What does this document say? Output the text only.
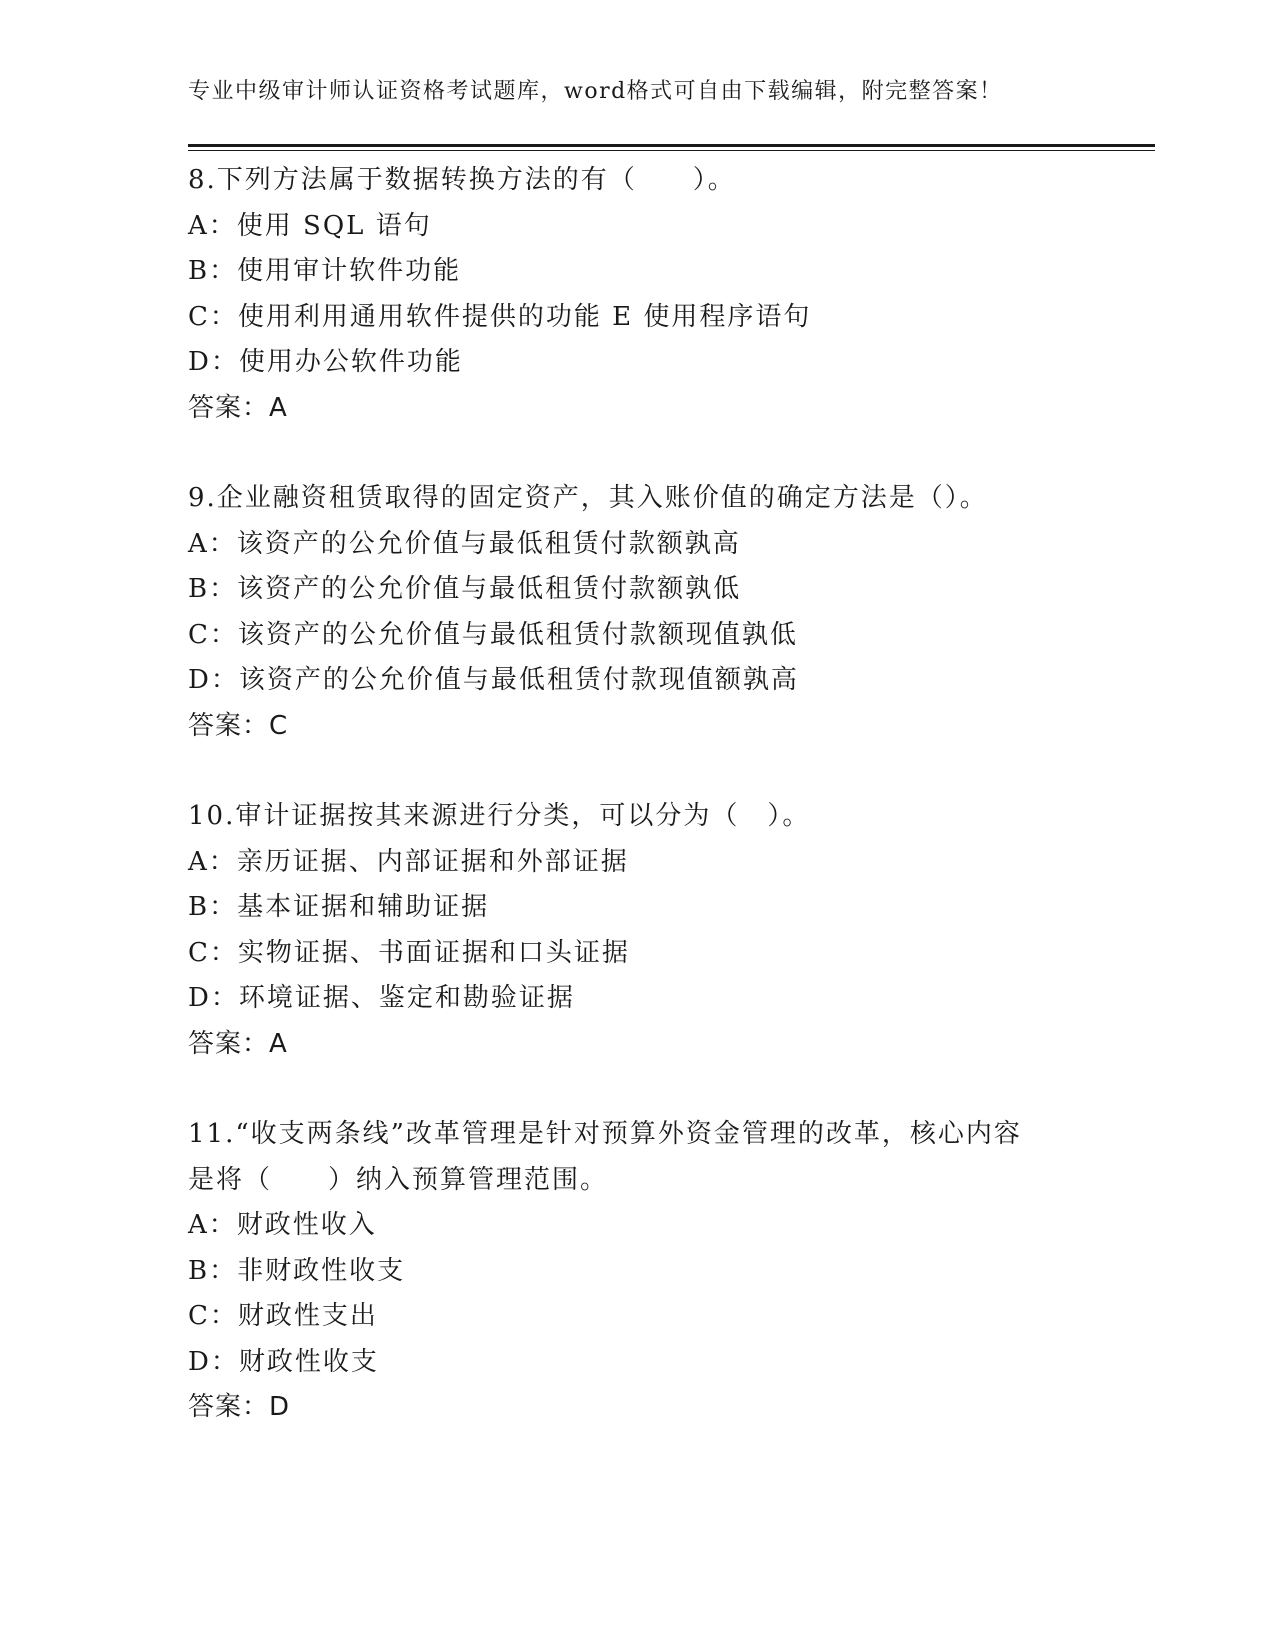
专业中级审计师认证资格考试题库，word格式可自由下载编辑，附完整答案！
8.下列方法属于数据转换方法的有（　　）。
A：使用 SQL 语句
B：使用审计软件功能
C：使用利用通用软件提供的功能 E 使用程序语句
D：使用办公软件功能
答案：A
9.企业融资租赁取得的固定资产，其入账价值的确定方法是（）。
A：该资产的公允价值与最低租赁付款额孰高
B：该资产的公允价值与最低租赁付款额孰低
C：该资产的公允价值与最低租赁付款额现值孰低
D：该资产的公允价值与最低租赁付款现值额孰高
答案：C
10.审计证据按其来源进行分类，可以分为（　）。
A：亲历证据、内部证据和外部证据
B：基本证据和辅助证据
C：实物证据、书面证据和口头证据
D：环境证据、鉴定和勘验证据
答案：A
11.“收支两条线”改革管理是针对预算外资金管理的改革，核心内容
是将（　　）纳入预算管理范围。
A：财政性收入
B：非财政性收支
C：财政性支出
D：财政性收支
答案：D
